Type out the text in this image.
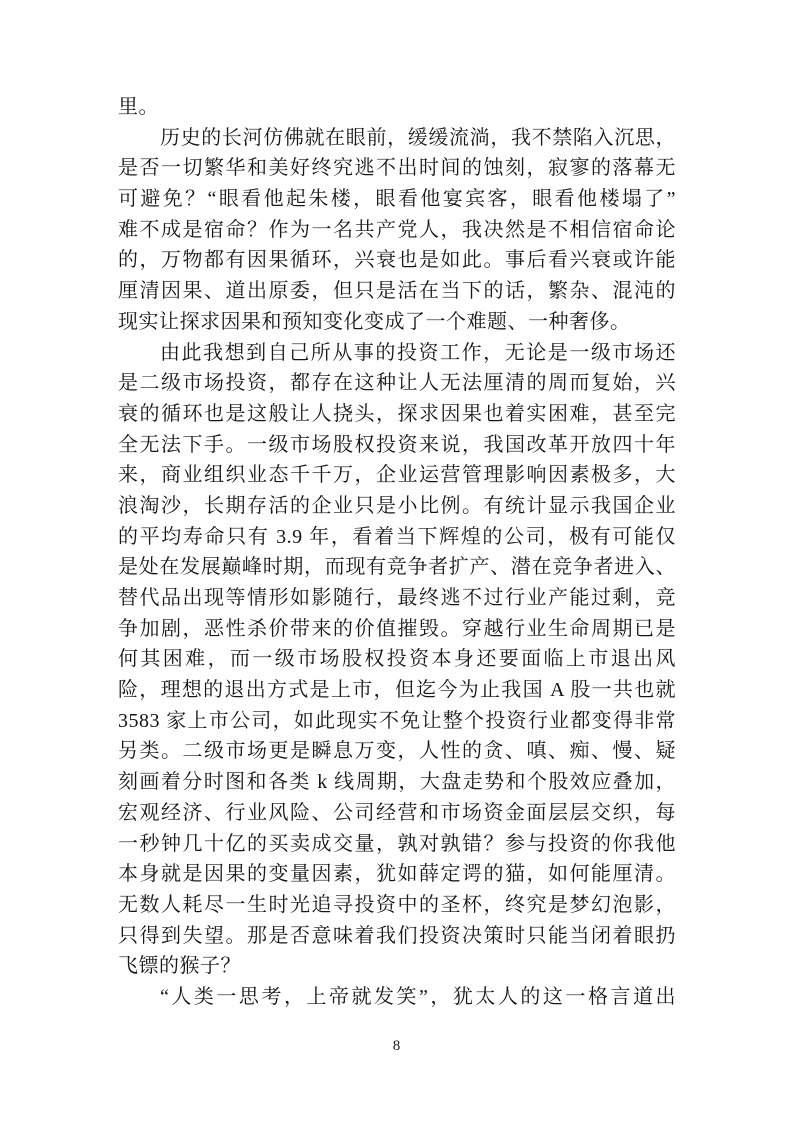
里。
历史的长河仿佛就在眼前，缓缓流淌，我不禁陷入沉思，
是否一切繁华和美好终究逃不出时间的蚀刻，寂寥的落幕无
可避免？“眼看他起朱楼，眼看他宴宾客，眼看他楼塌了”
难不成是宿命？作为一名共产党人，我决然是不相信宿命论
的，万物都有因果循环，兴衰也是如此。事后看兴衰或许能
厘清因果、道出原委，但只是活在当下的话，繁杂、混沌的
现实让探求因果和预知变化变成了一个难题、一种奢侈。
由此我想到自己所从事的投资工作，无论是一级市场还
是二级市场投资，都存在这种让人无法厘清的周而复始，兴
衰的循环也是这般让人挠头，探求因果也着实困难，甚至完
全无法下手。一级市场股权投资来说，我国改革开放四十年
来，商业组织业态千千万，企业运营管理影响因素极多，大
浪淘沙，长期存活的企业只是小比例。有统计显示我国企业
的平均寿命只有 3.9 年，看着当下辉煌的公司，极有可能仅
是处在发展巅峰时期，而现有竞争者扩产、潜在竞争者进入、
替代品出现等情形如影随行，最终逃不过行业产能过剩，竞
争加剧，恶性杀价带来的价值摧毁。穿越行业生命周期已是
何其困难，而一级市场股权投资本身还要面临上市退出风
险，理想的退出方式是上市，但迄今为止我国 A 股一共也就
3583 家上市公司，如此现实不免让整个投资行业都变得非常
另类。二级市场更是瞬息万变，人性的贪、嗔、痴、慢、疑
刻画着分时图和各类 k 线周期，大盘走势和个股效应叠加，
宏观经济、行业风险、公司经营和市场资金面层层交织，每
一秒钟几十亿的买卖成交量，孰对孰错？参与投资的你我他
本身就是因果的变量因素，犹如薛定谔的猫，如何能厘清。
无数人耗尽一生时光追寻投资中的圣杯，终究是梦幻泡影，
只得到失望。那是否意味着我们投资决策时只能当闭着眼扔
飞镖的猴子？
“人类一思考，上帝就发笑”，犹太人的这一格言道出
8
